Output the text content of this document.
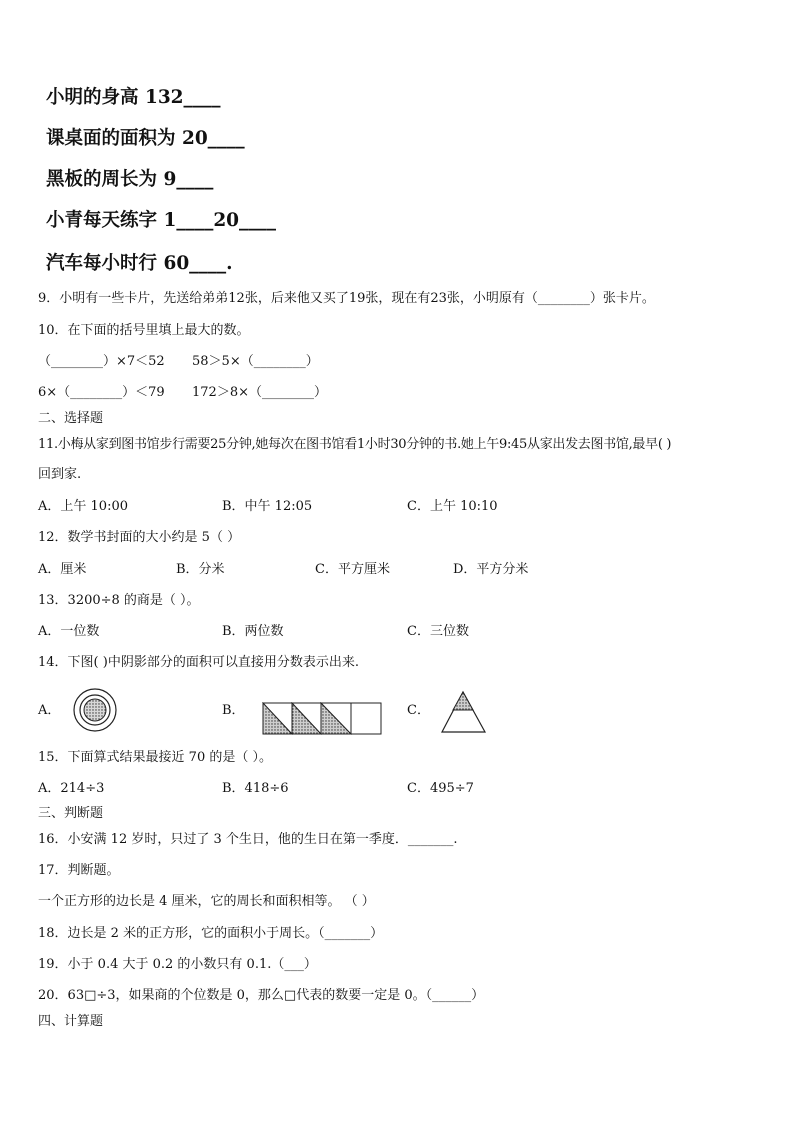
小明的身高 132____
课桌面的面积为 20____
黑板的周长为 9____
小青每天练字 1____20____
汽车每小时行 60____.
9．小明有一些卡片，先送给弟弟12张，后来他又买了19张，现在有23张，小明原有（________）张卡片。
10．在下面的括号里填上最大的数。
（________）×7＜52 58＞5×（________）
6×（________）＜79 172＞8×（________）
二、选择题
11.小梅从家到图书馆步行需要25分钟,她每次在图书馆看1小时30分钟的书.她上午9:45从家出发去图书馆,最早( )
回到家.
A．上午 10:00	B．中午 12:05	C．上午 10:10
12．数学书封面的大小约是 5（ ）
A．厘米	B．分米	C．平方厘米	D．平方分米
13．3200÷8 的商是（ ）。
A．一位数	B．两位数	C．三位数
14．下图( )中阴影部分的面积可以直接用分数表示出来.
A．	B．	C．
15．下面算式结果最接近 70 的是（ ）。
A．214÷3	B．418÷6	C．495÷7
三、判断题
16．小安满 12 岁时，只过了 3 个生日，他的生日在第一季度．_______.
17．判断题。
一个正方形的边长是 4 厘米，它的周长和面积相等。 （ ）
18．边长是 2 米的正方形，它的面积小于周长。（_______）
19．小于 0.4 大于 0.2 的小数只有 0.1.（___）
20．63□÷3，如果商的个位数是 0，那么□代表的数要一定是 0。（______）
四、计算题
